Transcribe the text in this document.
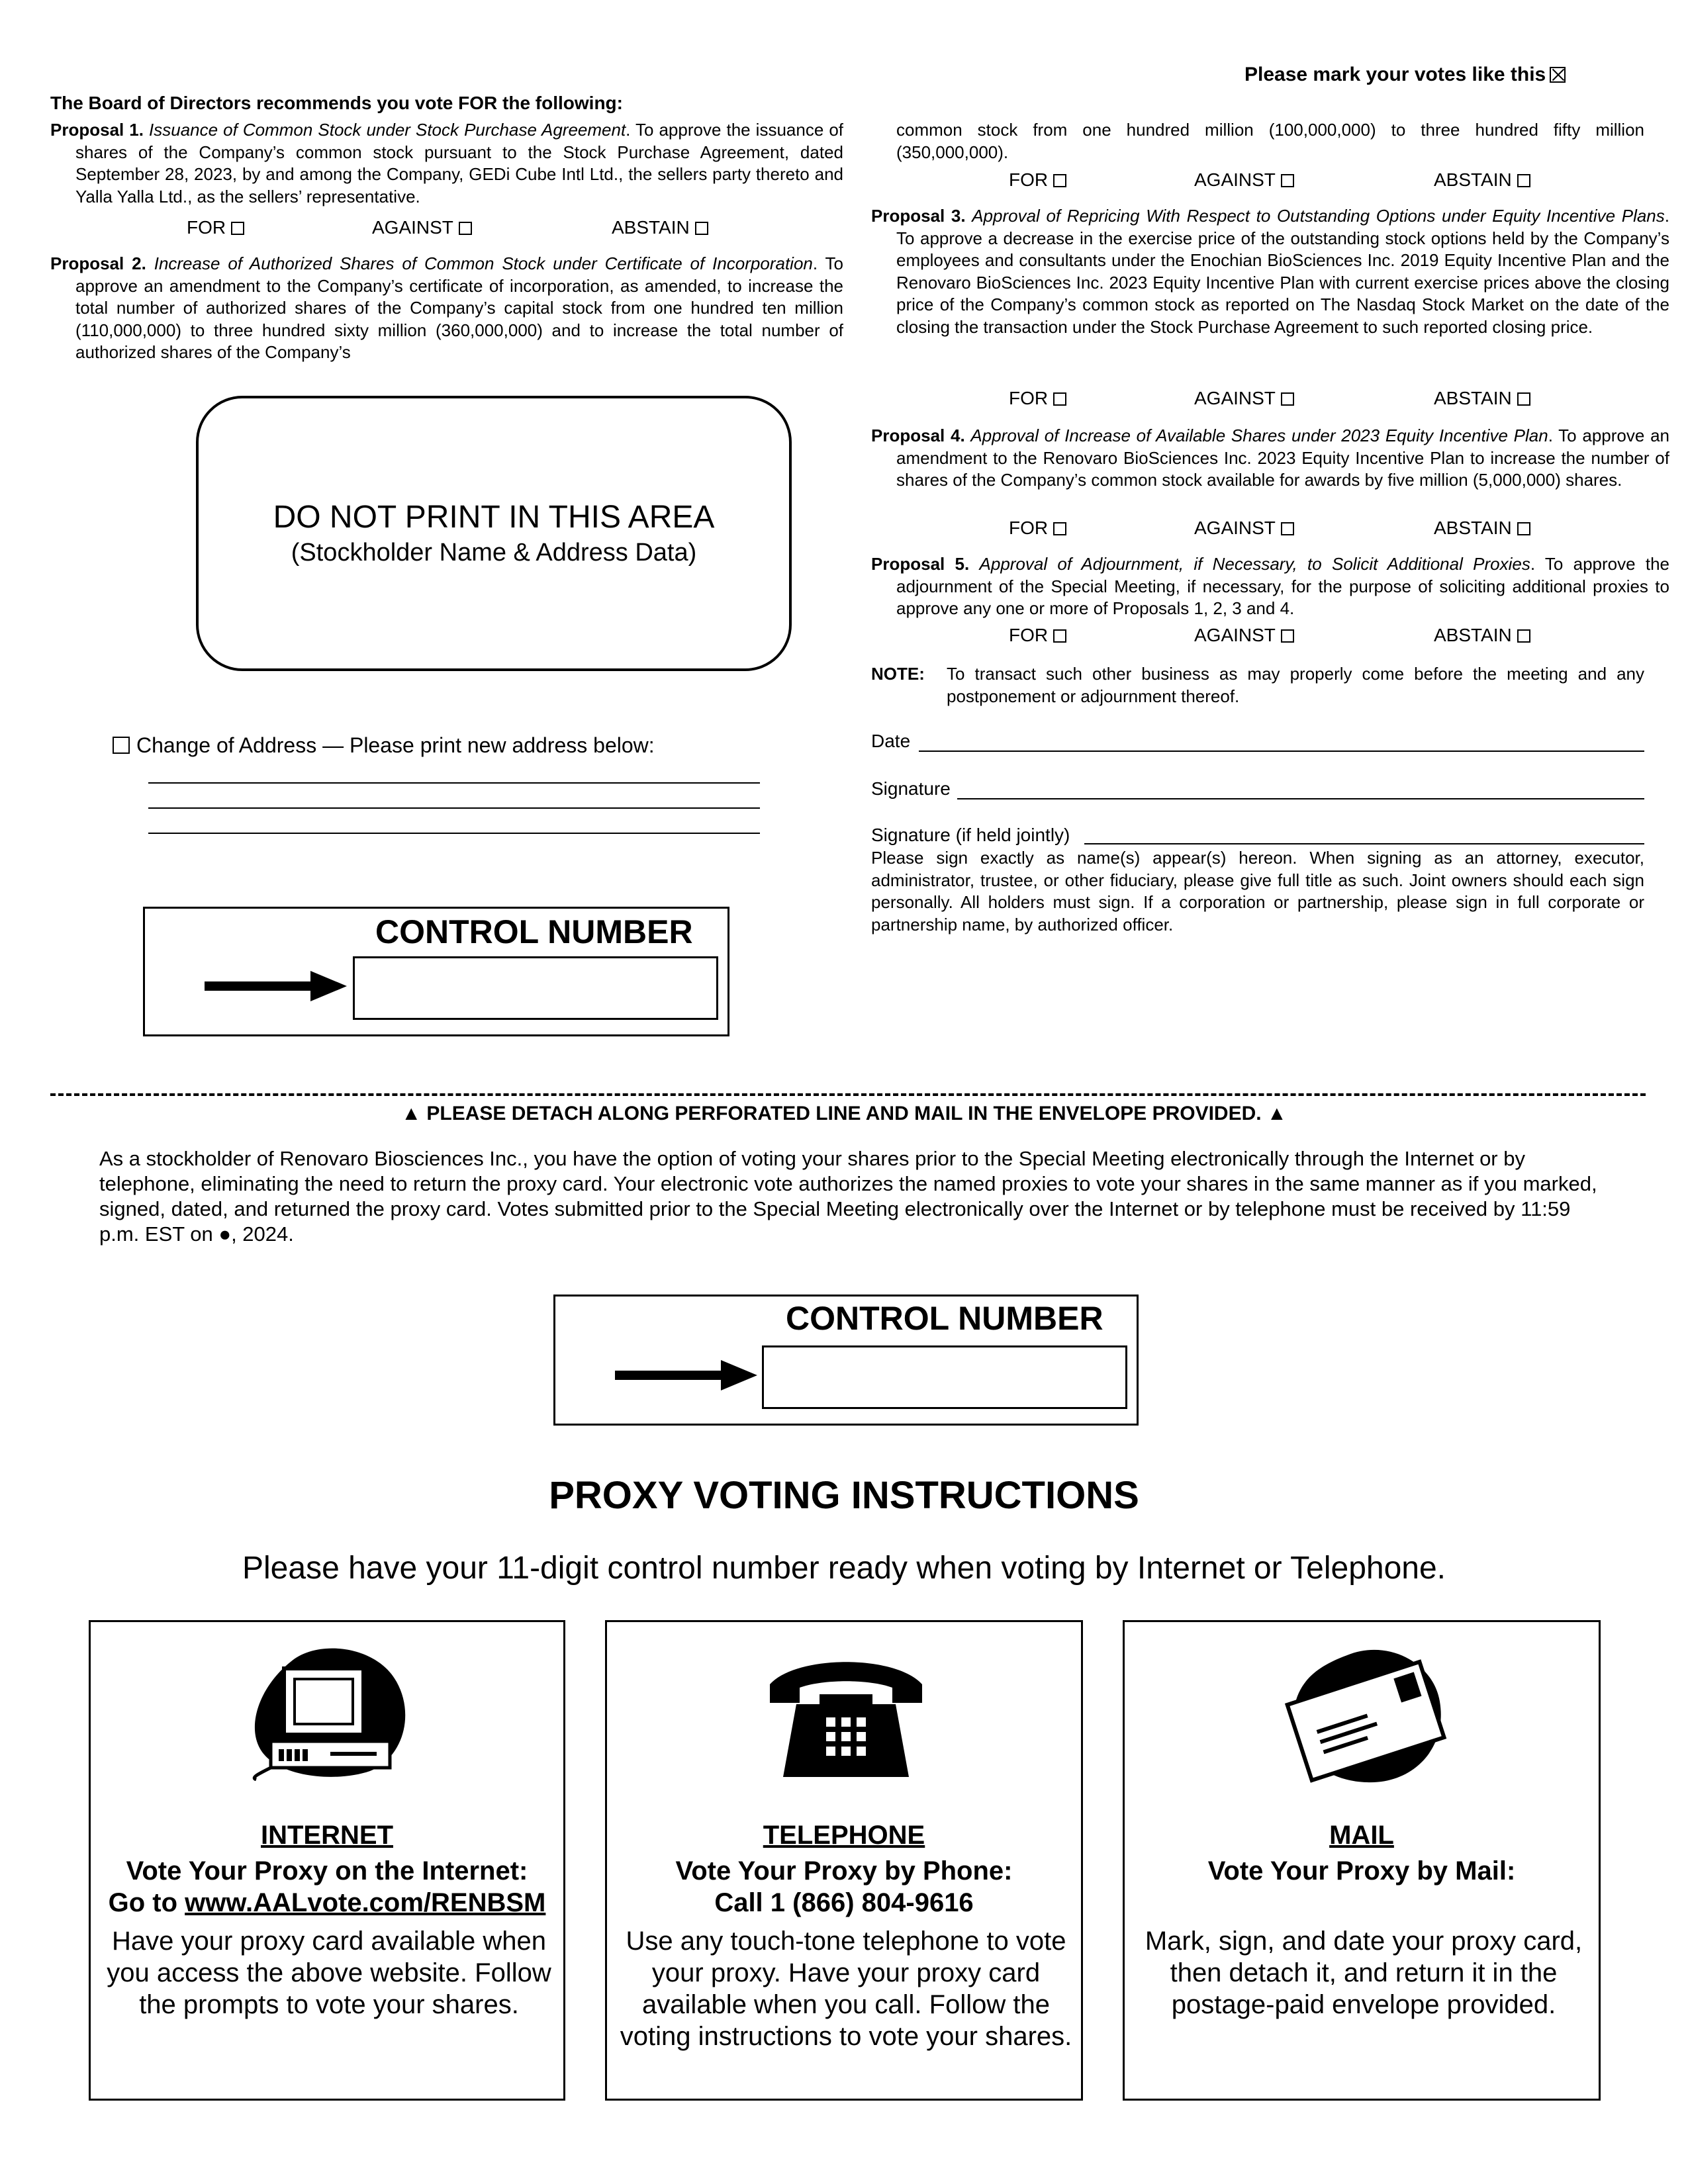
Please mark your votes like this
The Board of Directors recommends you vote FOR the following:
Proposal 1. Issuance of Common Stock under Stock Purchase Agreement. To approve the issuance of shares of the Company’s common stock pursuant to the Stock Purchase Agreement, dated September 28, 2023, by and among the Company, GEDi Cube Intl Ltd., the sellers party thereto and Yalla Yalla Ltd., as the sellers’ representative.
FOR	AGAINST	ABSTAIN
Proposal 2. Increase of Authorized Shares of Common Stock under Certificate of Incorporation. To approve an amendment to the Company’s certificate of incorporation, as amended, to increase the total number of authorized shares of the Company’s capital stock from one hundred ten million (110,000,000) to three hundred sixty million (360,000,000) and to increase the total number of authorized shares of the Company’s
DO NOT PRINT IN THIS AREA
(Stockholder Name & Address Data)
Change of Address — Please print new address below:
CONTROL NUMBER
common stock from one hundred million (100,000,000) to three hundred fifty million (350,000,000).
FOR	AGAINST	ABSTAIN
Proposal 3. Approval of Repricing With Respect to Outstanding Options under Equity Incentive Plans. To approve a decrease in the exercise price of the outstanding stock options held by the Company’s employees and consultants under the Enochian BioSciences Inc. 2019 Equity Incentive Plan and the Renovaro BioSciences Inc. 2023 Equity Incentive Plan with current exercise prices above the closing price of the Company’s common stock as reported on The Nasdaq Stock Market on the date of the closing the transaction under the Stock Purchase Agreement to such reported closing price.
FOR	AGAINST	ABSTAIN
Proposal 4. Approval of Increase of Available Shares under 2023 Equity Incentive Plan. To approve an amendment to the Renovaro BioSciences Inc. 2023 Equity Incentive Plan to increase the number of shares of the Company’s common stock available for awards by five million (5,000,000) shares.
FOR	AGAINST	ABSTAIN
Proposal 5. Approval of Adjournment, if Necessary, to Solicit Additional Proxies. To approve the adjournment of the Special Meeting, if necessary, for the purpose of soliciting additional proxies to approve any one or more of Proposals 1, 2, 3 and 4.
FOR	AGAINST	ABSTAIN
NOTE: To transact such other business as may properly come before the meeting and any postponement or adjournment thereof.
Date
Signature
Signature (if held jointly)
Please sign exactly as name(s) appear(s) hereon. When signing as an attorney, executor, administrator, trustee, or other fiduciary, please give full title as such. Joint owners should each sign personally. All holders must sign. If a corporation or partnership, please sign in full corporate or partnership name, by authorized officer.
▲ PLEASE DETACH ALONG PERFORATED LINE AND MAIL IN THE ENVELOPE PROVIDED. ▲
As a stockholder of Renovaro Biosciences Inc., you have the option of voting your shares prior to the Special Meeting electronically through the Internet or by telephone, eliminating the need to return the proxy card. Your electronic vote authorizes the named proxies to vote your shares in the same manner as if you marked, signed, dated, and returned the proxy card. Votes submitted prior to the Special Meeting electronically over the Internet or by telephone must be received by 11:59 p.m. EST on ●, 2024.
CONTROL NUMBER
PROXY VOTING INSTRUCTIONS
Please have your 11-digit control number ready when voting by Internet or Telephone.
INTERNET
Vote Your Proxy on the Internet:
Go to www.AALvote.com/RENBSM
Have your proxy card available when you access the above website. Follow the prompts to vote your shares.
TELEPHONE
Vote Your Proxy by Phone:
Call 1 (866) 804-9616
Use any touch-tone telephone to vote your proxy. Have your proxy card available when you call. Follow the voting instructions to vote your shares.
MAIL
Vote Your Proxy by Mail:
Mark, sign, and date your proxy card, then detach it, and return it in the postage-paid envelope provided.
